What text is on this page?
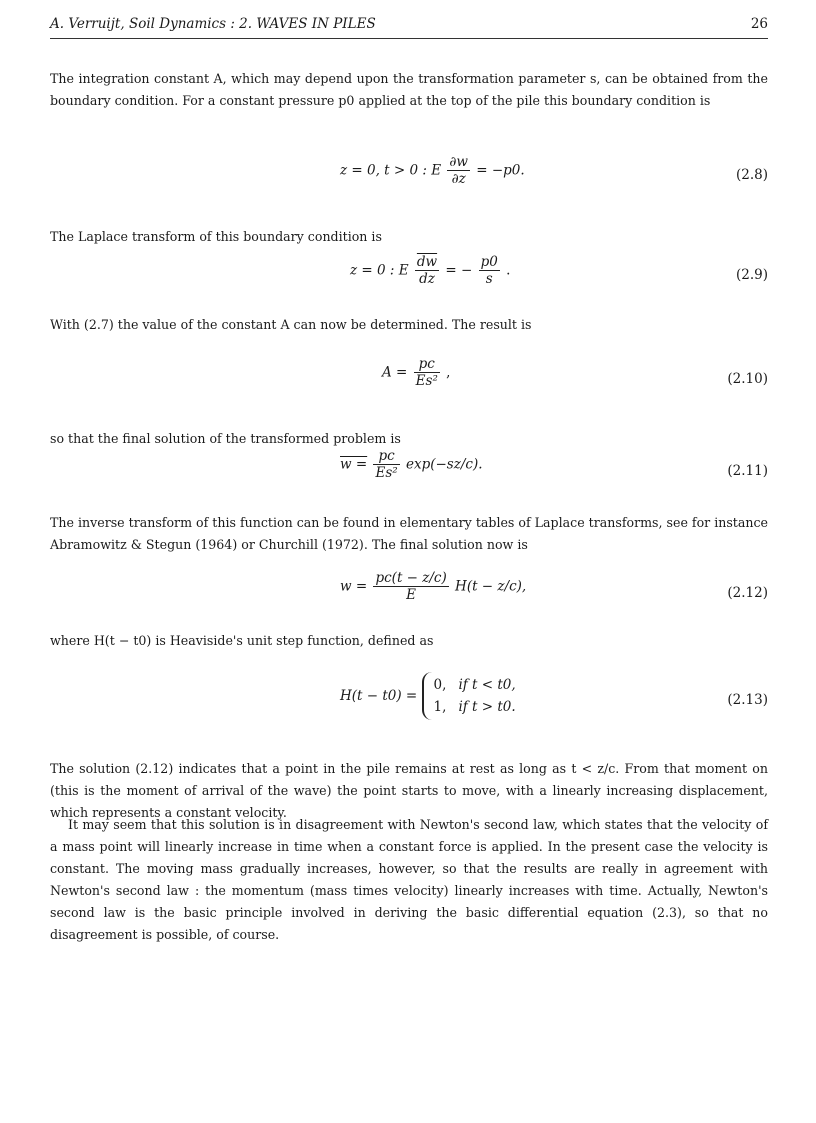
A. Verruijt, Soil Dynamics : 2. WAVES IN PILES	26

The integration constant A, which may depend upon the transformation parameter s, can be obtained from the boundary condition. For a constant pressure p0 applied at the top of the pile this boundary condition is

z = 0, t > 0 : E $\frac{\partial w}{\partial z} = -p0$.	(2.8)

The Laplace transform of this boundary condition is

z = 0 : E $\frac{\overline{dw}}{dz}$ = − $\frac{p0}{s}$ .	(2.9)

With (2.7) the value of the constant A can now be determined. The result is

$A = \frac{pc}{\text{Es²}}$ ,	(2.10)

so that the final solution of the transformed problem is

$w = \frac{pc}{\text{Es²}} \exp(-sz/c)$.	(2.11)

The inverse transform of this function can be found in elementary tables of Laplace transforms, see for instance Abramowitz & Stegun (1964) or Churchill (1972). The final solution now is

$w = \frac{pc(t - z/c)}{E} H(t - z/c)$,	(2.12)

where H(t − t0) is Heaviside's unit step function, defined as

H(t − t0) =
0, if t < t0,
1, if t > t0.	(2.13)

The solution (2.12) indicates that a point in the pile remains at rest as long as t < z/c. From that moment on (this is the moment of arrival of the wave) the point starts to move, with a linearly increasing displacement, which represents a constant velocity.

It may seem that this solution is in disagreement with Newton's second law, which states that the velocity of a mass point will linearly increase in time when a constant force is applied. In the present case the velocity is constant. The moving mass gradually increases, however, so that the results are really in agreement with Newton's second law : the momentum (mass times velocity) linearly increases with time. Actually, Newton's second law is the basic principle involved in deriving the basic differential equation (2.3), so that no disagreement is possible, of course.
